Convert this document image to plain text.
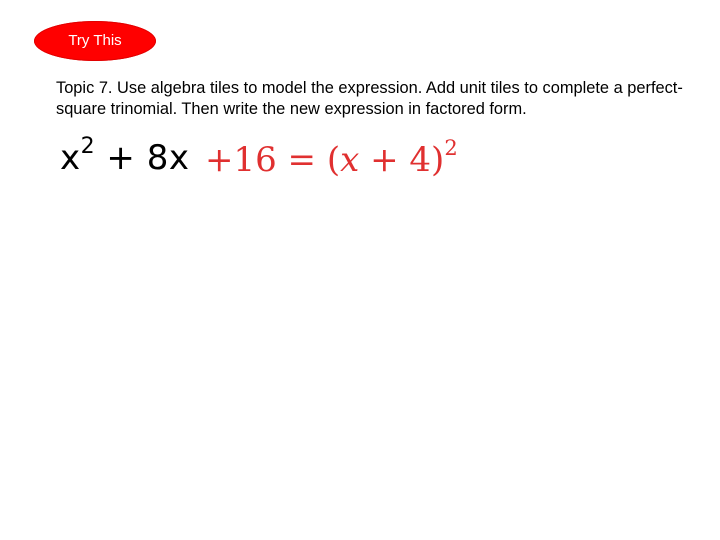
Try This
Topic 7. Use algebra tiles to model the expression. Add unit tiles to complete a perfect-square trinomial. Then write the new expression in factored form.
$x^2 + 8x +16 = (x + 4)^2$
